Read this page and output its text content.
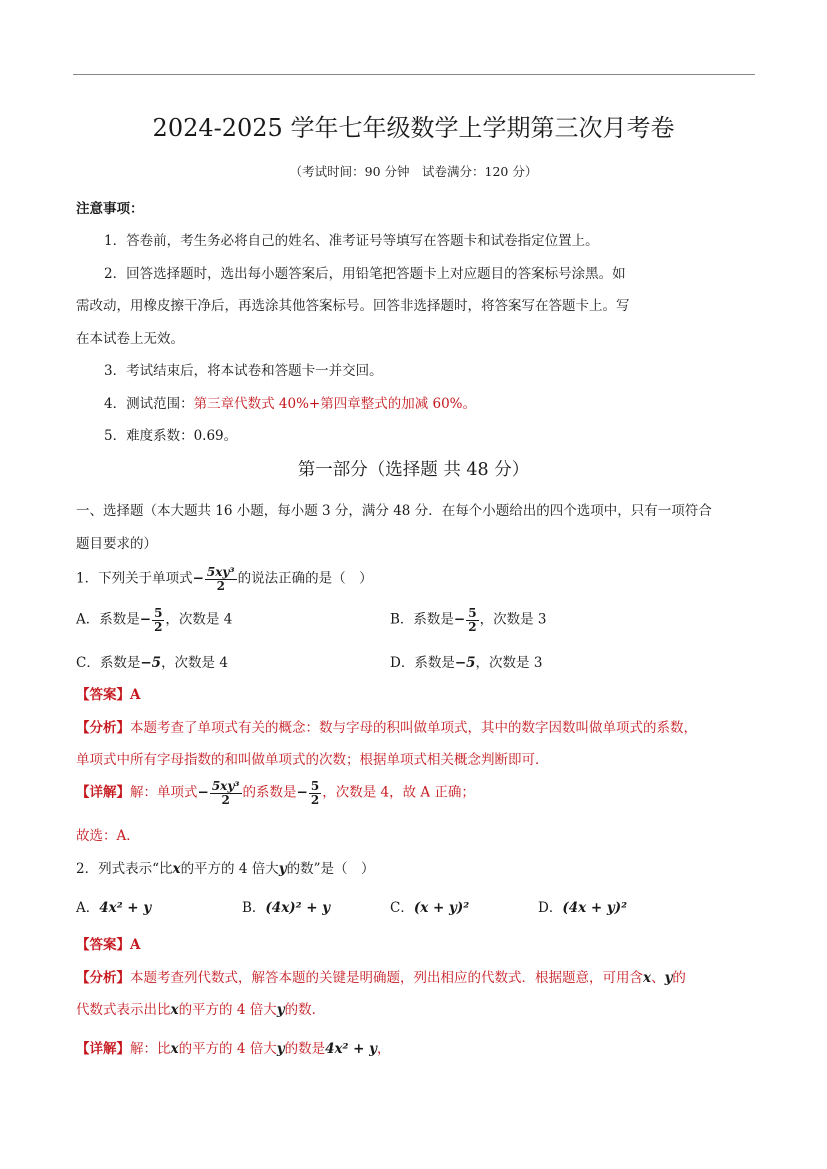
2024-2025 学年七年级数学上学期第三次月考卷
（考试时间：90 分钟　试卷满分：120 分）
注意事项：
1．答卷前，考生务必将自己的姓名、准考证号等填写在答题卡和试卷指定位置上。
2．回答选择题时，选出每小题答案后，用铅笔把答题卡上对应题目的答案标号涂黑。如
需改动，用橡皮擦干净后，再选涂其他答案标号。回答非选择题时，将答案写在答题卡上。写
在本试卷上无效。
3．考试结束后，将本试卷和答题卡一并交回。
4．测试范围：第三章代数式 40%+第四章整式的加减 60%。
5．难度系数：0.69。
第一部分（选择题 共 48 分）
一、选择题（本大题共 16 小题，每小题 3 分，满分 48 分．在每个小题给出的四个选项中，只有一项符合
题目要求的）
1．下列关于单项式− $\frac{\text{5xy³}}{2}$ 的说法正确的是（　）
A．系数是− $\frac{5}{2}$ ，次数是 4	B．系数是− $\frac{5}{2}$ ，次数是 3
C．系数是−5，次数是 4	D．系数是−5，次数是 3
【答案】A
【分析】本题考查了单项式有关的概念：数与字母的积叫做单项式，其中的数字因数叫做单项式的系数，
单项式中所有字母指数的和叫做单项式的次数；根据单项式相关概念判断即可．
【详解】解：单项式− $\frac{\text{5xy³}}{2}$ 的系数是− $\frac{5}{2}$ ，次数是 4，故 A 正确；
故选：A．
2．列式表示“比x的平方的 4 倍大y的数”是（　）
A．4x² + y	B．(4x)² + y	C．(x + y)²	D．(4x + y)²
【答案】A
【分析】本题考查列代数式，解答本题的关键是明确题，列出相应的代数式．根据题意，可用含x、y的
代数式表示出比x的平方的 4 倍大y的数．
【详解】解：比x的平方的 4 倍大y的数是4x² + y，
